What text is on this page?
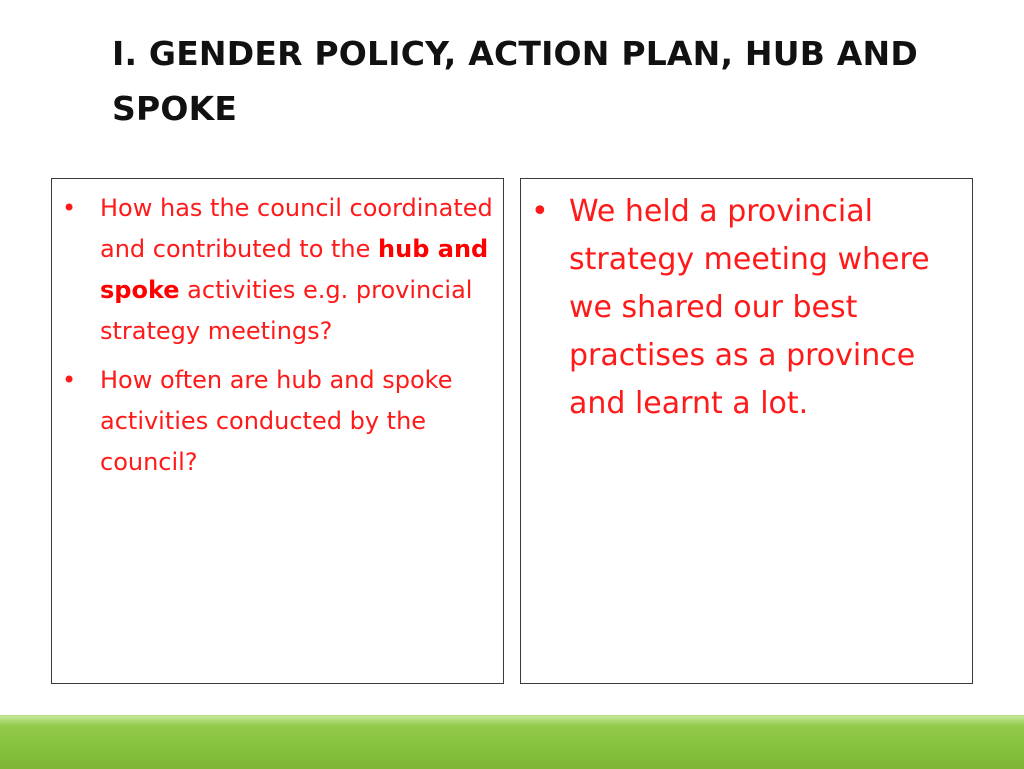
I. GENDER POLICY, ACTION PLAN, HUB AND SPOKE
• How has the council coordinated and contributed to the hub and spoke activities e.g. provincial strategy meetings?
• How often are hub and spoke activities conducted by the council?
• We held a provincial strategy meeting where we shared our best practises as a province and learnt a lot.
